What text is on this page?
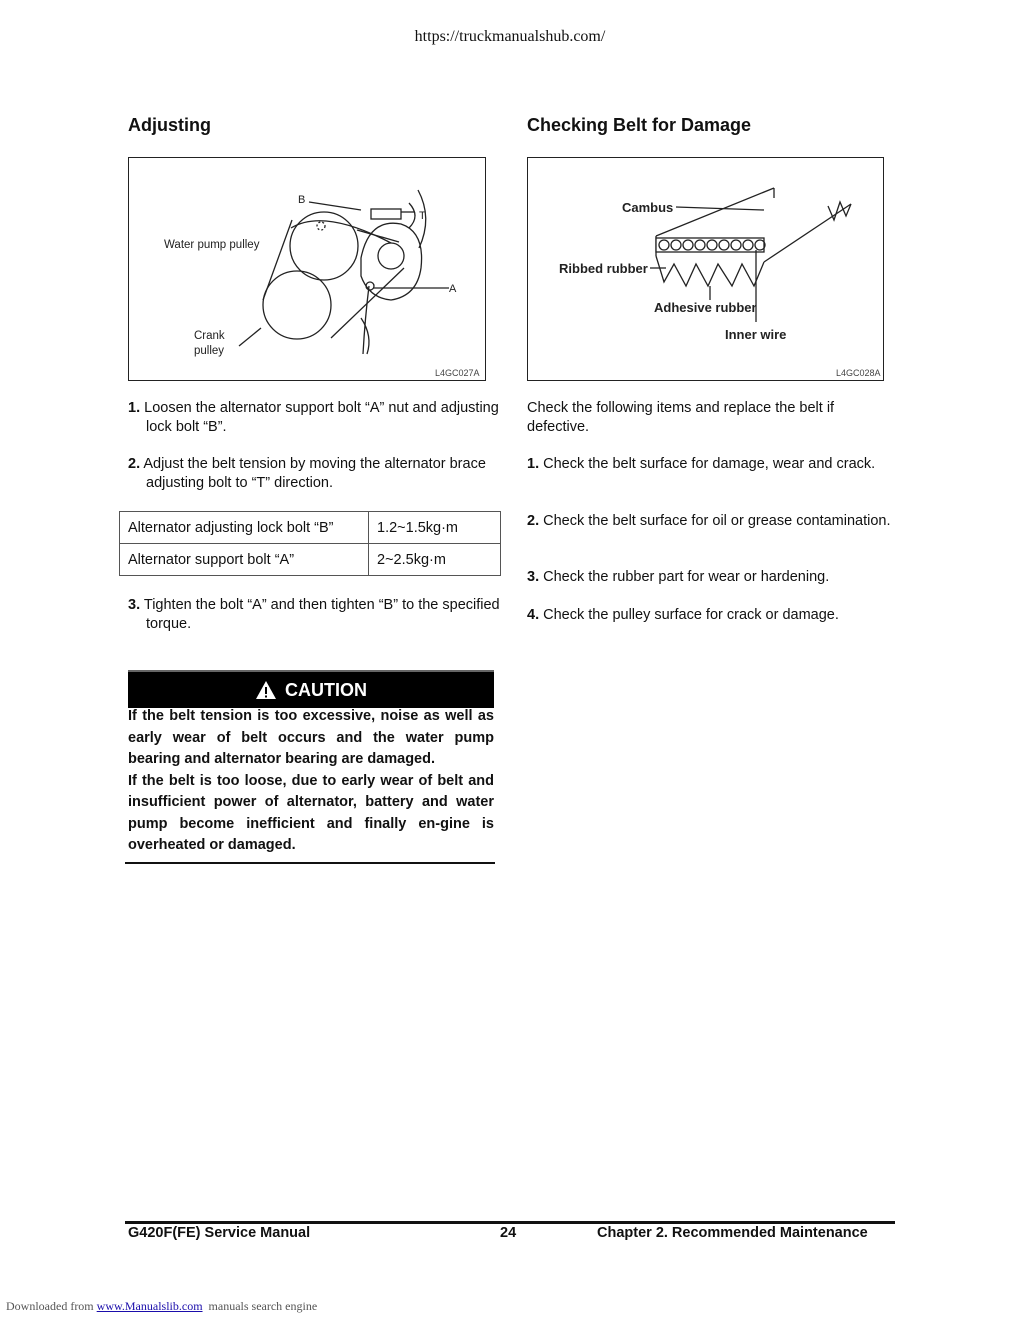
https://truckmanualshub.com/
Adjusting
B
T
A
Water pump pulley
Crank
pulley
L4GC027A
1. Loosen the alternator support bolt “A” nut and adjusting lock bolt “B”.
2. Adjust the belt tension by moving the alternator brace adjusting bolt to “T” direction.
Alternator adjusting lock bolt “B”	1.2~1.5kg·m
Alternator support bolt “A”	2~2.5kg·m
3. Tighten the bolt “A” and then tighten “B” to the specified torque.
CAUTION
If the belt tension is too excessive, noise as well as early wear of belt occurs and the water pump bearing and alternator bearing are damaged.
If the belt is too loose, due to early wear of belt and insufficient power of alternator, battery and water pump become inefficient and finally en-gine is overheated or damaged.
Checking Belt for Damage
Cambus
Ribbed rubber
Adhesive rubber
Inner wire
L4GC028A
Check the following items and replace the belt if defective.
1. Check the belt surface for damage, wear and crack.
2. Check the belt surface for oil or grease contamination.
3. Check the rubber part for wear or hardening.
4. Check the pulley surface for crack or damage.
G420F(FE) Service Manual	24	Chapter 2. Recommended Maintenance
Downloaded from www.Manualslib.com manuals search engine
